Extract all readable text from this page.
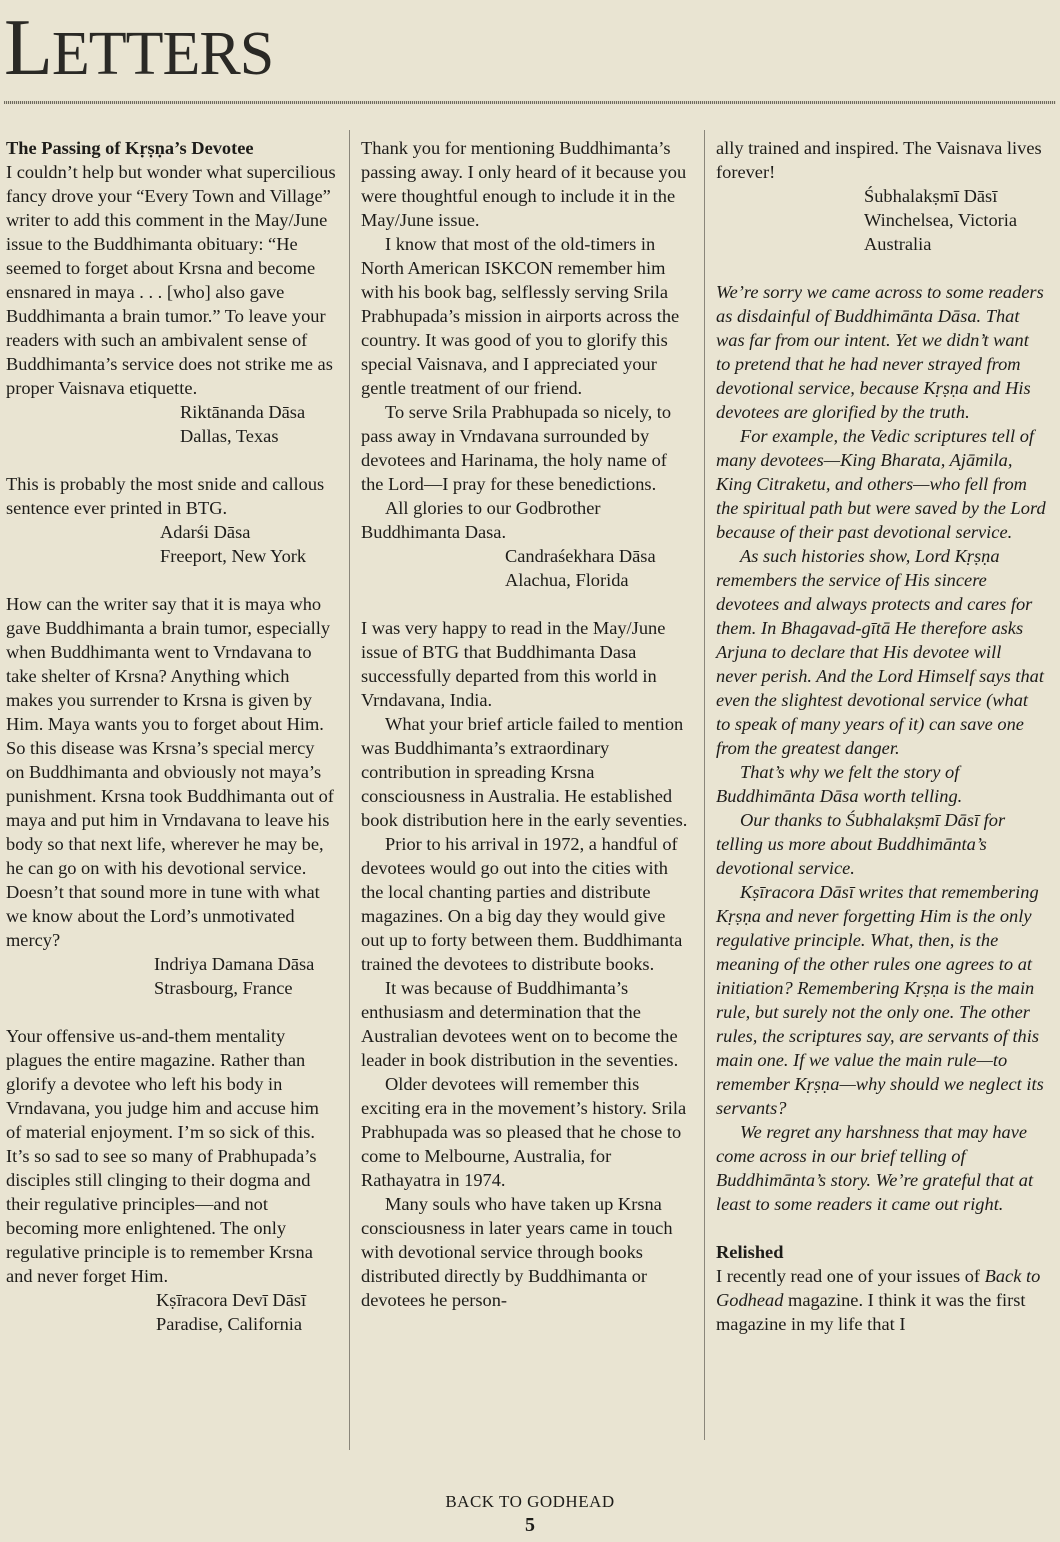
LETTERS

The Passing of Kṛṣṇa’s Devotee

I couldn’t help but wonder what supercilious fancy drove your “Every Town and Village” writer to add this comment in the May/June issue to the Buddhimanta obituary: “He seemed to forget about Krsna and become ensnared in maya . . . [who] also gave Buddhimanta a brain tumor.” To leave your readers with such an ambivalent sense of Buddhimanta’s service does not strike me as proper Vaisnava etiquette.

Riktānanda Dāsa

Dallas, Texas

This is probably the most snide and callous sentence ever printed in BTG.

Adarśi Dāsa

Freeport, New York

How can the writer say that it is maya who gave Buddhimanta a brain tumor, especially when Buddhimanta went to Vrndavana to take shelter of Krsna? Anything which makes you surrender to Krsna is given by Him. Maya wants you to forget about Him. So this disease was Krsna’s special mercy on Buddhimanta and obviously not maya’s punishment. Krsna took Buddhimanta out of maya and put him in Vrndavana to leave his body so that next life, wherever he may be, he can go on with his devotional service. Doesn’t that sound more in tune with what we know about the Lord’s unmotivated mercy?

Indriya Damana Dāsa

Strasbourg, France

Your offensive us-and-them mentality plagues the entire magazine. Rather than glorify a devotee who left his body in Vrndavana, you judge him and accuse him of material enjoyment. I’m so sick of this. It’s so sad to see so many of Prabhupada’s disciples still clinging to their dogma and their regulative principles—and not becoming more enlightened. The only regulative principle is to remember Krsna and never forget Him.

Kṣīracora Devī Dāsī

Paradise, California

Thank you for mentioning Buddhimanta’s passing away. I only heard of it because you were thoughtful enough to include it in the May/June issue.

I know that most of the old-timers in North American ISKCON remember him with his book bag, selflessly serving Srila Prabhupada’s mission in airports across the country. It was good of you to glorify this special Vaisnava, and I appreciated your gentle treatment of our friend.

To serve Srila Prabhupada so nicely, to pass away in Vrndavana surrounded by devotees and Harinama, the holy name of the Lord—I pray for these benedictions.

All glories to our Godbrother Buddhimanta Dasa.

Candraśekhara Dāsa

Alachua, Florida

I was very happy to read in the May/June issue of BTG that Buddhimanta Dasa successfully departed from this world in Vrndavana, India.

What your brief article failed to mention was Buddhimanta’s extraordinary contribution in spreading Krsna consciousness in Australia. He established book distribution here in the early seventies.

Prior to his arrival in 1972, a handful of devotees would go out into the cities with the local chanting parties and distribute magazines. On a big day they would give out up to forty between them. Buddhimanta trained the devotees to distribute books.

It was because of Buddhimanta’s enthusiasm and determination that the Australian devotees went on to become the leader in book distribution in the seventies.

Older devotees will remember this exciting era in the movement’s history. Srila Prabhupada was so pleased that he chose to come to Melbourne, Australia, for Rathayatra in 1974.

Many souls who have taken up Krsna consciousness in later years came in touch with devotional service through books distributed directly by Buddhimanta or devotees he person-

ally trained and inspired. The Vaisnava lives forever!

Śubhalakṣmī Dāsī

Winchelsea, Victoria

Australia

We’re sorry we came across to some readers as disdainful of Buddhimānta Dāsa. That was far from our intent. Yet we didn’t want to pretend that he had never strayed from devotional service, because Kṛṣṇa and His devotees are glorified by the truth.

For example, the Vedic scriptures tell of many devotees—King Bharata, Ajāmila, King Citraketu, and others—who fell from the spiritual path but were saved by the Lord because of their past devotional service.

As such histories show, Lord Kṛṣṇa remembers the service of His sincere devotees and always protects and cares for them. In Bhagavad-gītā He therefore asks Arjuna to declare that His devotee will never perish. And the Lord Himself says that even the slightest devotional service (what to speak of many years of it) can save one from the greatest danger.

That’s why we felt the story of Buddhimānta Dāsa worth telling.

Our thanks to Śubhalakṣmī Dāsī for telling us more about Buddhimānta’s devotional service.

Kṣīracora Dāsī writes that remembering Kṛṣṇa and never forgetting Him is the only regulative principle. What, then, is the meaning of the other rules one agrees to at initiation? Remembering Kṛṣṇa is the main rule, but surely not the only one. The other rules, the scriptures say, are servants of this main one. If we value the main rule—to remember Kṛṣṇa—why should we neglect its servants?

We regret any harshness that may have come across in our brief telling of Buddhimānta’s story. We’re grateful that at least to some readers it came out right.

Relished

I recently read one of your issues of Back to Godhead magazine. I think it was the first magazine in my life that I

BACK TO GODHEAD
5
